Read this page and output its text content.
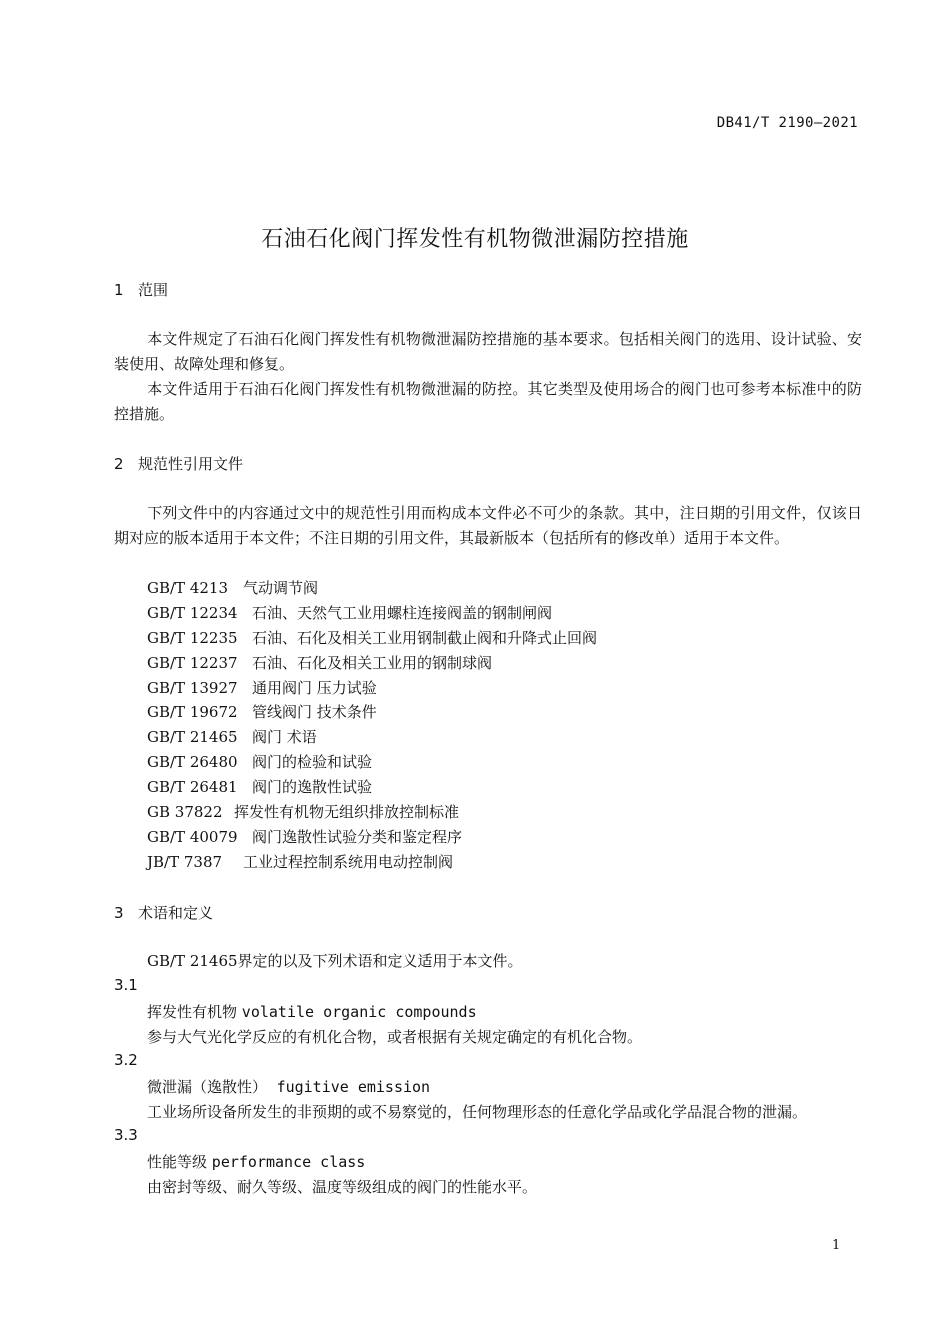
DB41/T 2190—2021
石油石化阀门挥发性有机物微泄漏防控措施
1 范围
本文件规定了石油石化阀门挥发性有机物微泄漏防控措施的基本要求。包括相关阀门的选用、设计试验、安装使用、故障处理和修复。
本文件适用于石油石化阀门挥发性有机物微泄漏的防控。其它类型及使用场合的阀门也可参考本标准中的防控措施。
2 规范性引用文件
下列文件中的内容通过文中的规范性引用而构成本文件必不可少的条款。其中，注日期的引用文件，仅该日期对应的版本适用于本文件；不注日期的引用文件，其最新版本（包括所有的修改单）适用于本文件。
GB/T 4213 气动调节阀
GB/T 12234 石油、天然气工业用螺柱连接阀盖的钢制闸阀
GB/T 12235 石油、石化及相关工业用钢制截止阀和升降式止回阀
GB/T 12237 石油、石化及相关工业用的钢制球阀
GB/T 13927 通用阀门 压力试验
GB/T 19672 管线阀门 技术条件
GB/T 21465 阀门 术语
GB/T 26480 阀门的检验和试验
GB/T 26481 阀门的逸散性试验
GB 37822 挥发性有机物无组织排放控制标准
GB/T 40079 阀门逸散性试验分类和鉴定程序
JB/T 7387 工业过程控制系统用电动控制阀
3 术语和定义
GB/T 21465界定的以及下列术语和定义适用于本文件。
3.1
挥发性有机物 volatile organic compounds
参与大气光化学反应的有机化合物，或者根据有关规定确定的有机化合物。
3.2
微泄漏（逸散性） fugitive emission
工业场所设备所发生的非预期的或不易察觉的，任何物理形态的任意化学品或化学品混合物的泄漏。
3.3
性能等级 performance class
由密封等级、耐久等级、温度等级组成的阀门的性能水平。
1
